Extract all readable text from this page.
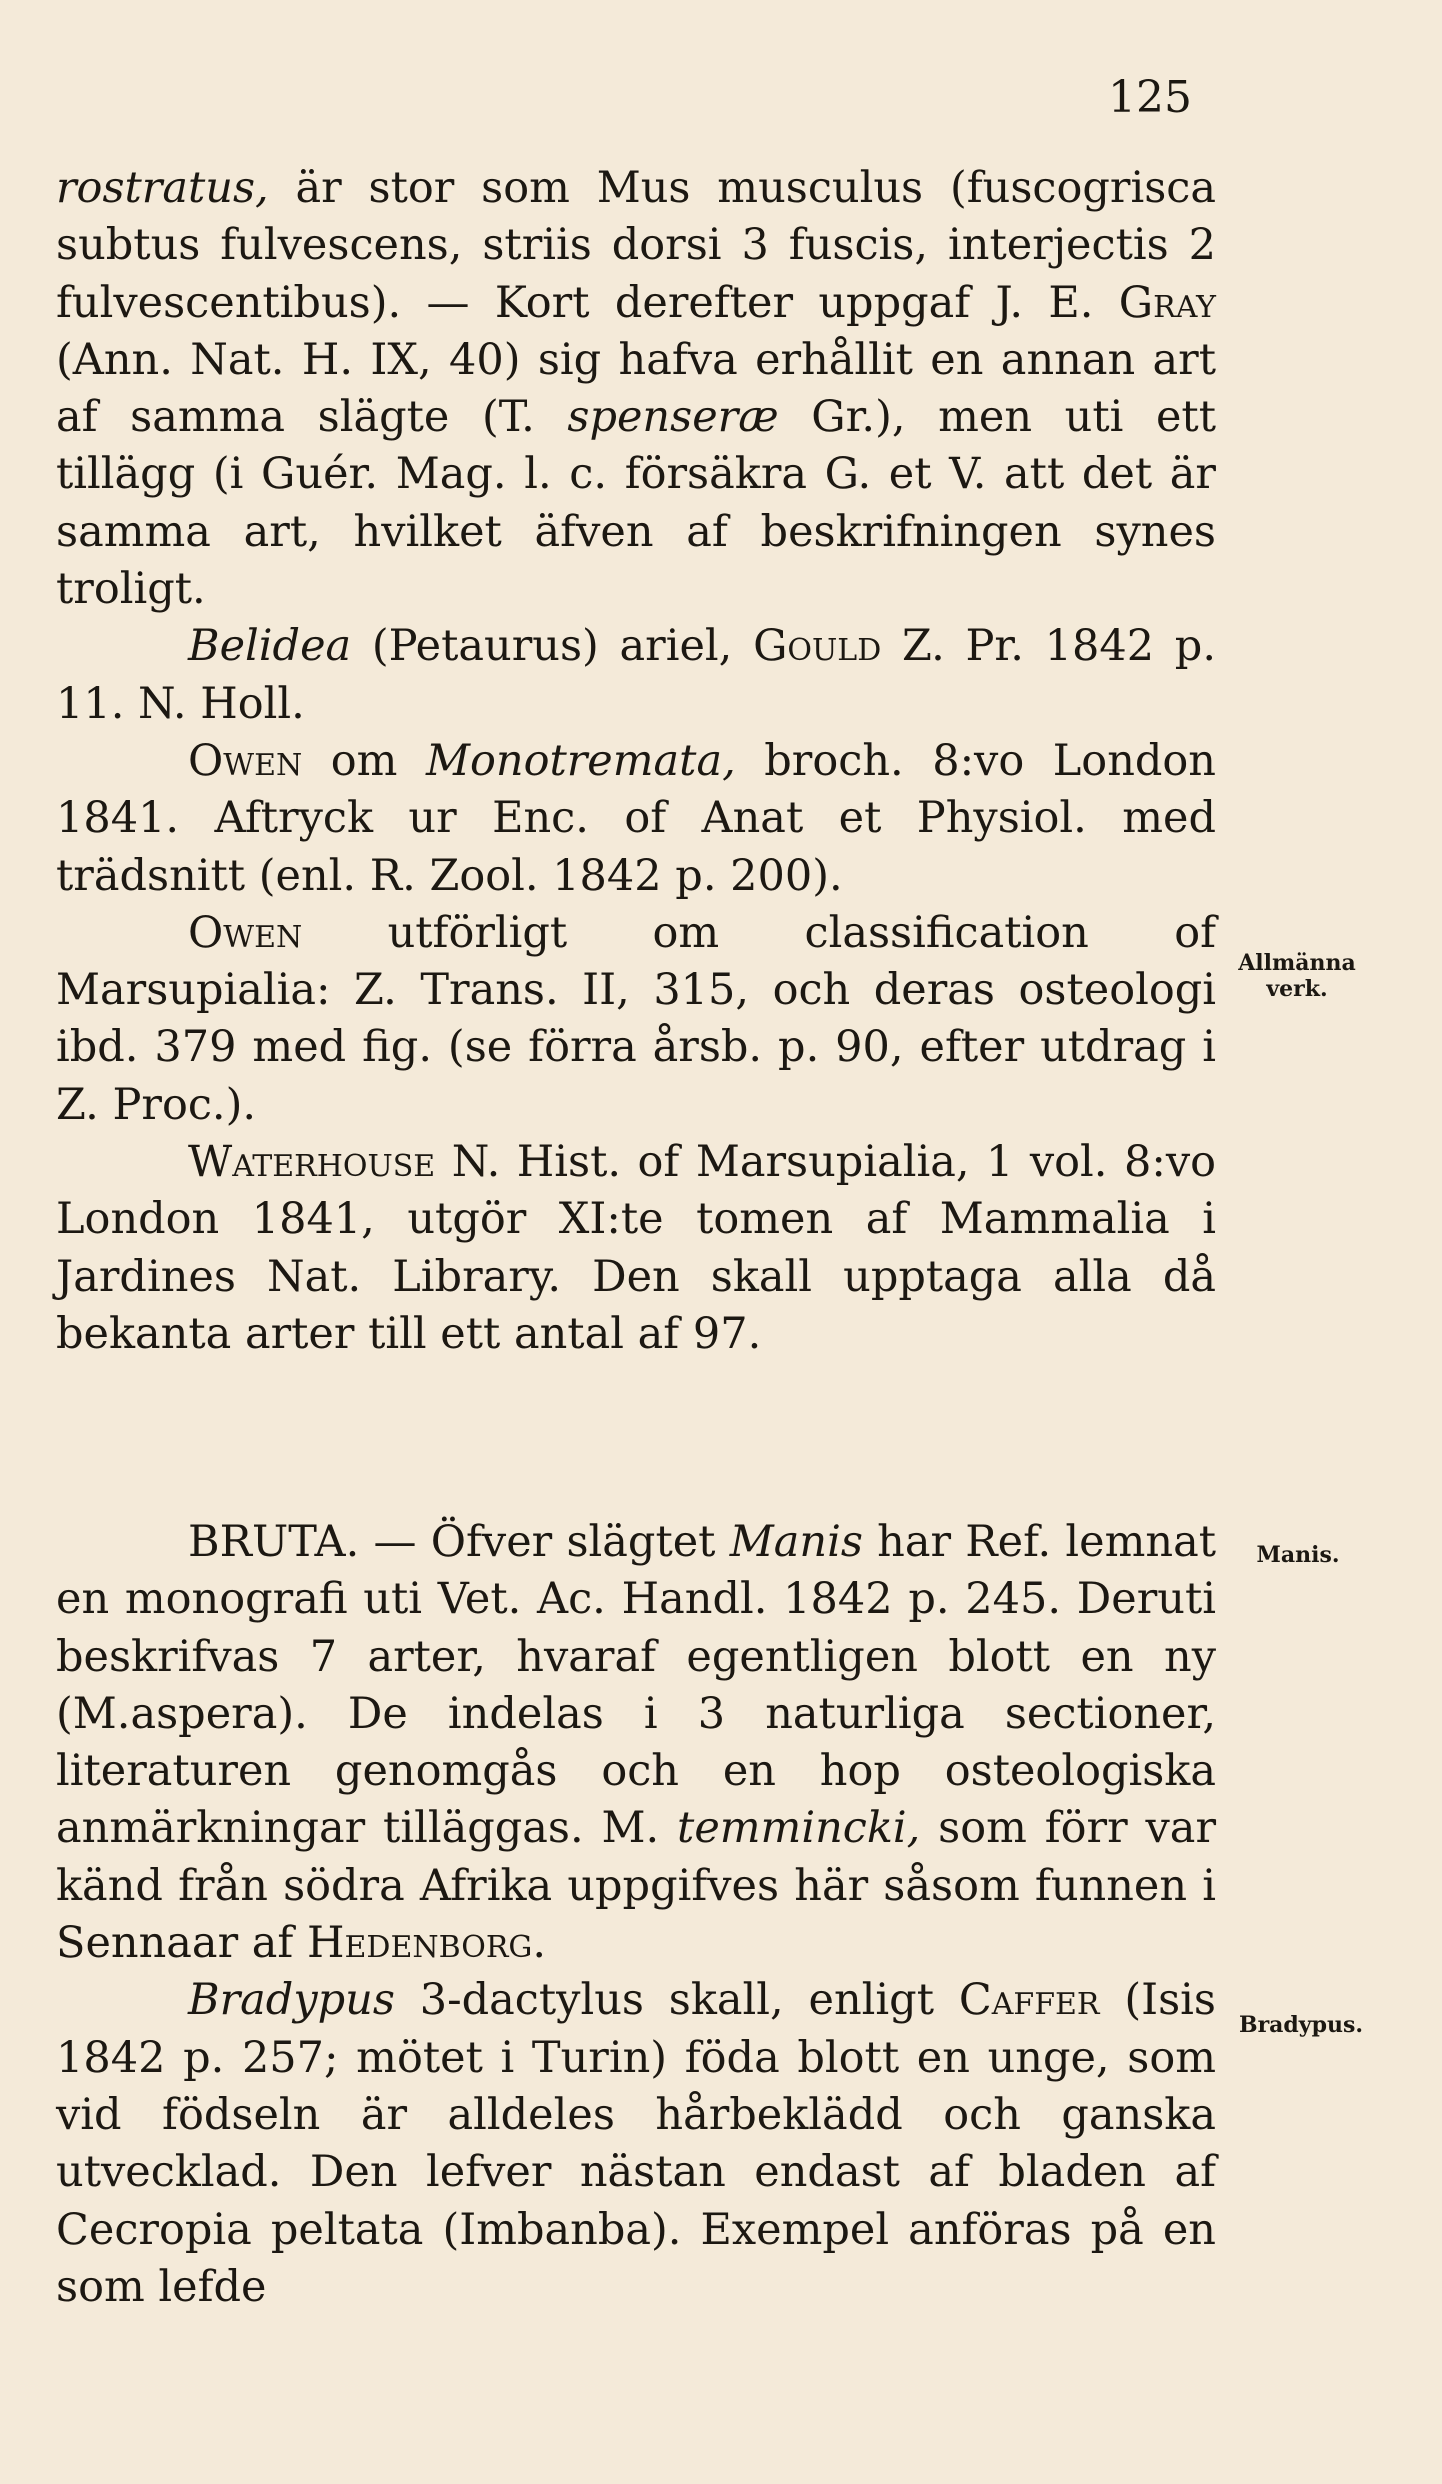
125
Allmänna
verk.
Manis.
Bradypus.

rostratus, är stor som Mus musculus (fuscogrisca subtus fulvescens, striis dorsi 3 fuscis, interjectis 2 fulvescentibus). — Kort derefter uppgaf J. E. Gray (Ann. Nat. H. IX, 40) sig hafva erhållit en annan art af samma slägte (T. spenseræ Gr.), men uti ett tillägg (i Guér. Mag. l. c. försäkra G. et V. att det är samma art, hvilket äfven af beskrifningen synes troligt.

Belidea (Petaurus) ariel, Gould Z. Pr. 1842 p. 11. N. Holl.

Owen om Monotremata, broch. 8:vo London 1841. Aftryck ur Enc. of Anat et Physiol. med trädsnitt (enl. R. Zool. 1842 p. 200).

Owen utförligt om classification of Marsupialia: Z. Trans. II, 315, och deras osteologi ibd. 379 med fig. (se förra årsb. p. 90, efter utdrag i Z. Proc.).

Waterhouse N. Hist. of Marsupialia, 1 vol. 8:vo London 1841, utgör XI:te tomen af Mammalia i Jardines Nat. Library. Den skall upptaga alla då bekanta arter till ett antal af 97.

BRUTA. — Öfver slägtet Manis har Ref. lemnat en monografi uti Vet. Ac. Handl. 1842 p. 245. Deruti beskrifvas 7 arter, hvaraf egentligen blott en ny (M.aspera). De indelas i 3 naturliga sectioner, literaturen genomgås och en hop osteologiska anmärkningar tilläggas. M. temmincki, som förr var känd från södra Afrika uppgifves här såsom funnen i Sennaar af Hedenborg.

Bradypus 3-dactylus skall, enligt Caffer (Isis 1842 p. 257; mötet i Turin) föda blott en unge, som vid födseln är alldeles hårbeklädd och ganska utvecklad. Den lefver nästan endast af bladen af Cecropia peltata (Imbanba). Exempel anföras på en som lefde
